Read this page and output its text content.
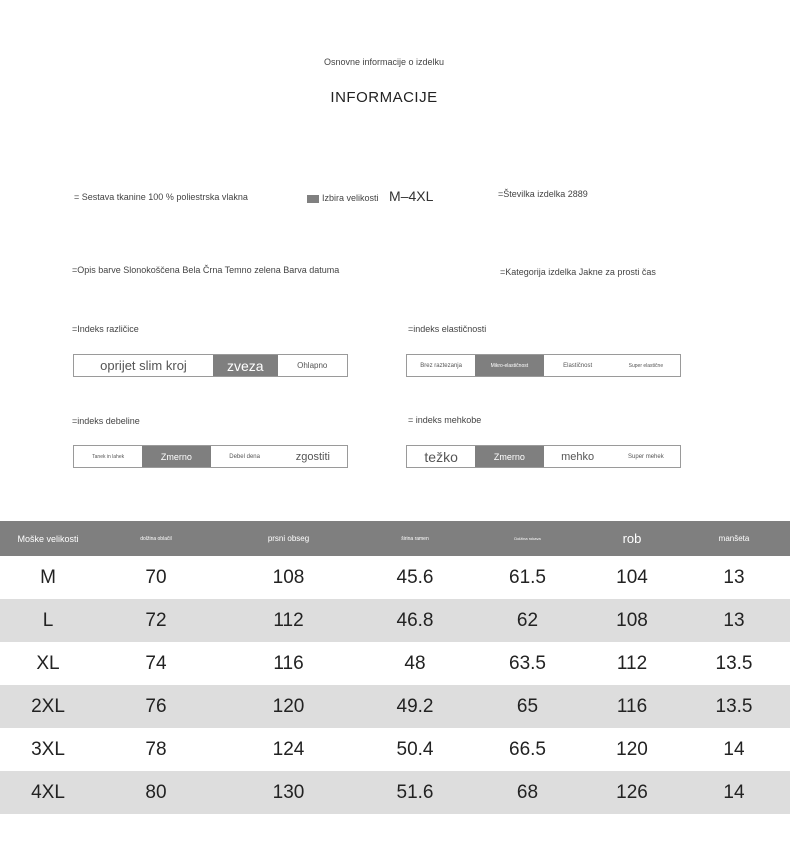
Osnovne informacije o izdelku
INFORMACIJE
= Sestava tkanine 100 % poliestrska vlakna	Izbira velikosti M–4XL	=Številka izdelka 2889
=Opis barve Slonokoščena Bela Črna Temno zelena Barva datuma	=Kategorija izdelka Jakne za prosti čas
=Indeks različice
oprijet slim kroj	zveza	Ohlapno
=indeks elastičnosti
Brez raztezanja	Mikro-elastičnost	Elastičnost	Super elastične
=indeks debeline
Tanek in lahek	Zmerno	Debel dena	zgostiti
= indeks mehkobe
težko	Zmerno	mehko	Super mehek
Moške velikosti	dolžina oblačil	prsni obseg	širina ramen	Dolžina rokava	rob	manšeta
M	70	108	45.6	61.5	104	13
L	72	112	46.8	62	108	13
XL	74	116	48	63.5	112	13.5
2XL	76	120	49.2	65	116	13.5
3XL	78	124	50.4	66.5	120	14
4XL	80	130	51.6	68	126	14
